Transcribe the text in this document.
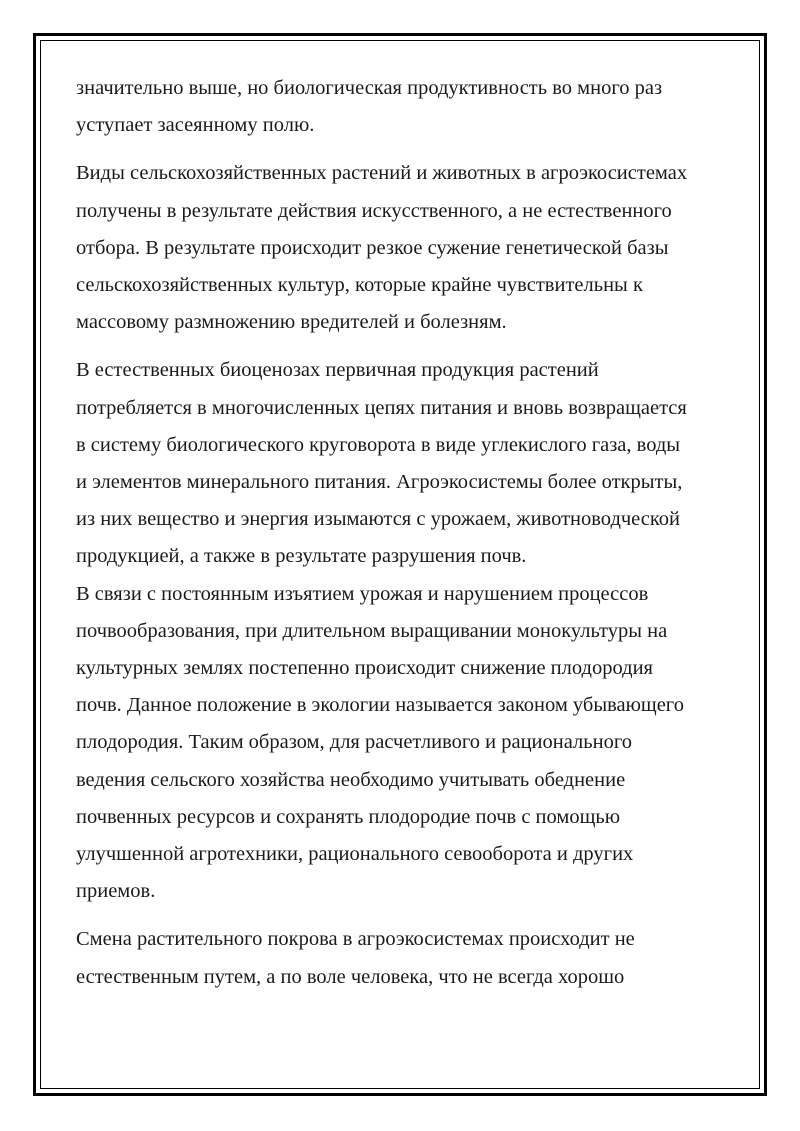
значительно выше, но биологическая продуктивность во много раз
уступает засеянному полю.

Виды сельскохозяйственных растений и животных в агроэкосистемах
получены в результате действия искусственного, а не естественного
отбора. В результате происходит резкое сужение генетической базы
сельскохозяйственных культур, которые крайне чувствительны к
массовому размножению вредителей и болезням.

В естественных биоценозах первичная продукция растений
потребляется в многочисленных цепях питания и вновь возвращается
в систему биологического круговорота в виде углекислого газа, воды
и элементов минерального питания. Агроэкосистемы более открыты,
из них вещество и энергия изымаются с урожаем, животноводческой
продукцией, а также в результате разрушения почв.

В связи с постоянным изъятием урожая и нарушением процессов
почвообразования, при длительном выращивании монокультуры на
культурных землях постепенно происходит снижение плодородия
почв. Данное положение в экологии называется законом убывающего
плодородия. Таким образом, для расчетливого и рационального
ведения сельского хозяйства необходимо учитывать обеднение
почвенных ресурсов и сохранять плодородие почв с помощью
улучшенной агротехники, рационального севооборота и других
приемов.

Смена растительного покрова в агроэкосистемах происходит не
естественным путем, а по воле человека, что не всегда хорошо
